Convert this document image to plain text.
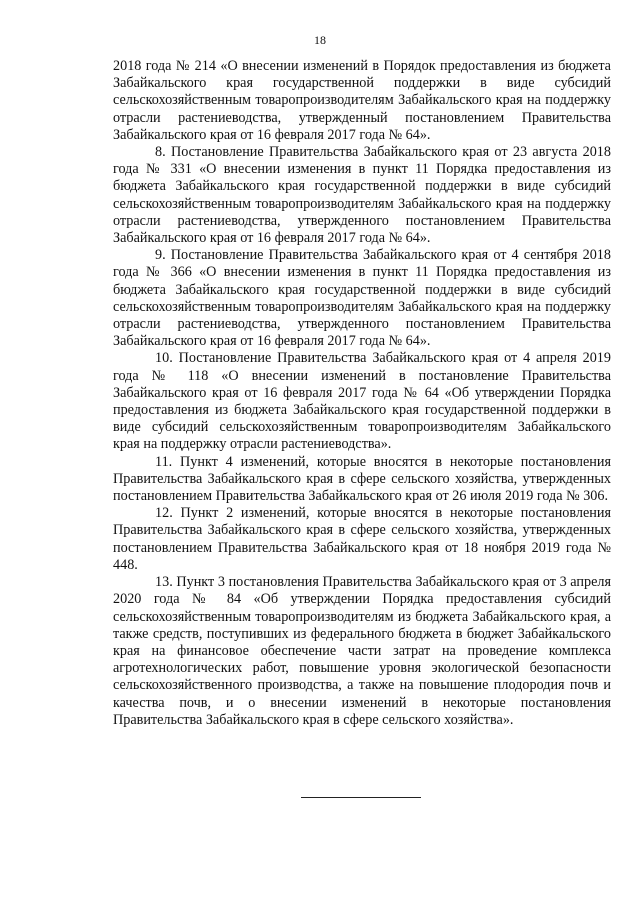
18

2018 года № 214 «О внесении изменений в Порядок предоставления из бюджета Забайкальского края государственной поддержки в виде субсидий сельскохозяйственным товаропроизводителям Забайкальского края на поддержку отрасли растениеводства, утвержденный постановлением Правительства Забайкальского края от 16 февраля 2017 года № 64».

8. Постановление Правительства Забайкальского края от 23 августа 2018 года № 331 «О внесении изменения в пункт 11 Порядка предоставления из бюджета Забайкальского края государственной поддержки в виде субсидий сельскохозяйственным товаропроизводителям Забайкальского края на поддержку отрасли растениеводства, утвержденного постановлением Правительства Забайкальского края от 16 февраля 2017 года № 64».

9. Постановление Правительства Забайкальского края от 4 сентября 2018 года № 366 «О внесении изменения в пункт 11 Порядка предоставления из бюджета Забайкальского края государственной поддержки в виде субсидий сельскохозяйственным товаропроизводителям Забайкальского края на поддержку отрасли растениеводства, утвержденного постановлением Правительства Забайкальского края от 16 февраля 2017 года № 64».

10. Постановление Правительства Забайкальского края от 4 апреля 2019 года № 118 «О внесении изменений в постановление Правительства Забайкальского края от 16 февраля 2017 года № 64 «Об утверждении Порядка предоставления из бюджета Забайкальского края государственной поддержки в виде субсидий сельскохозяйственным товаропроизводителям Забайкальского края на поддержку отрасли растениеводства».

11. Пункт 4 изменений, которые вносятся в некоторые постановления Правительства Забайкальского края в сфере сельского хозяйства, утвержденных постановлением Правительства Забайкальского края от 26 июля 2019 года № 306.

12. Пункт 2 изменений, которые вносятся в некоторые постановления Правительства Забайкальского края в сфере сельского хозяйства, утвержденных постановлением Правительства Забайкальского края от 18 ноября 2019 года № 448.

13. Пункт 3 постановления Правительства Забайкальского края от 3 апреля 2020 года № 84 «Об утверждении Порядка предоставления субсидий сельскохозяйственным товаропроизводителям из бюджета Забайкальского края, а также средств, поступивших из федерального бюджета в бюджет Забайкальского края на финансовое обеспечение части затрат на проведение комплекса агротехнологических работ, повышение уровня экологической безопасности сельскохозяйственного производства, а также на повышение плодородия почв и качества почв, и о внесении изменений в некоторые постановления Правительства Забайкальского края в сфере сельского хозяйства».
